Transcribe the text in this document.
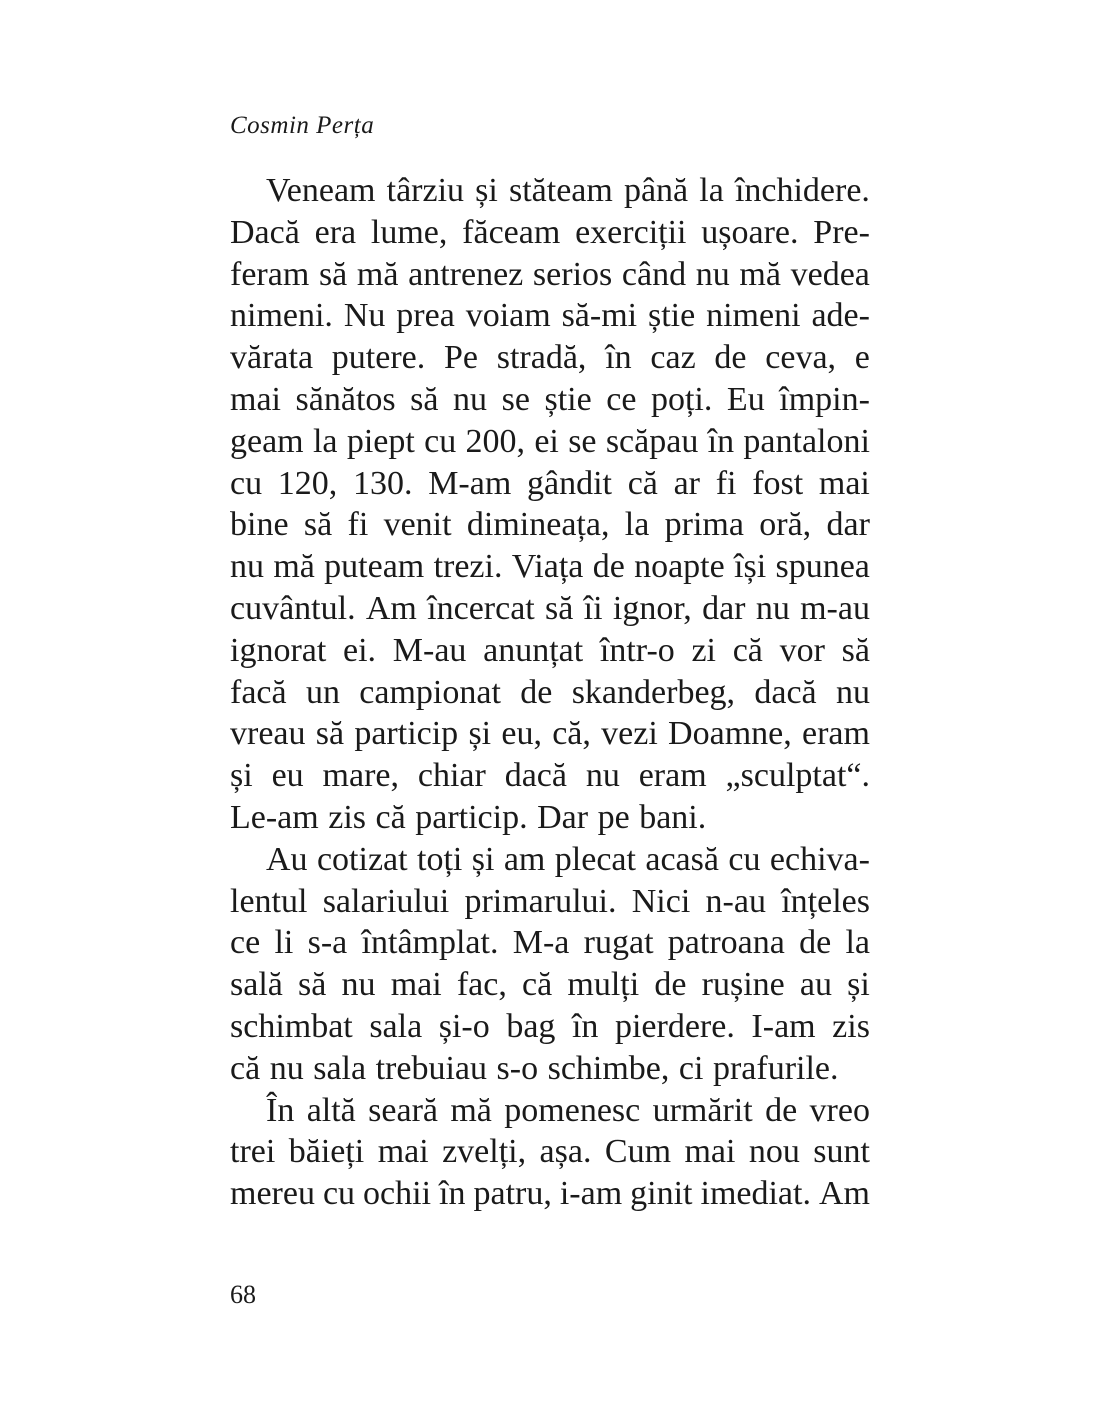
Cosmin Perța
Veneam târziu și stăteam până la închidere.
Dacă era lume, făceam exerciții ușoare. Pre-
feram să mă antrenez serios când nu mă vedea
nimeni. Nu prea voiam să-mi știe nimeni ade-
vărata putere. Pe stradă, în caz de ceva, e
mai sănătos să nu se știe ce poți. Eu împin-
geam la piept cu 200, ei se scăpau în pantaloni
cu 120, 130. M-am gândit că ar fi fost mai
bine să fi venit dimineața, la prima oră, dar
nu mă puteam trezi. Viața de noapte își spunea
cuvântul. Am încercat să îi ignor, dar nu m-au
ignorat ei. M-au anunțat într-o zi că vor să
facă un campionat de skanderbeg, dacă nu
vreau să particip și eu, că, vezi Doamne, eram
și eu mare, chiar dacă nu eram „sculptat“.
Le-am zis că particip. Dar pe bani.
Au cotizat toți și am plecat acasă cu echiva-
lentul salariului primarului. Nici n-au înțeles
ce li s-a întâmplat. M-a rugat patroana de la
sală să nu mai fac, că mulți de rușine au și
schimbat sala și-o bag în pierdere. I-am zis
că nu sala trebuiau s-o schimbe, ci prafurile.
În altă seară mă pomenesc urmărit de vreo
trei băieți mai zvelți, așa. Cum mai nou sunt
mereu cu ochii în patru, i-am ginit imediat. Am
68
